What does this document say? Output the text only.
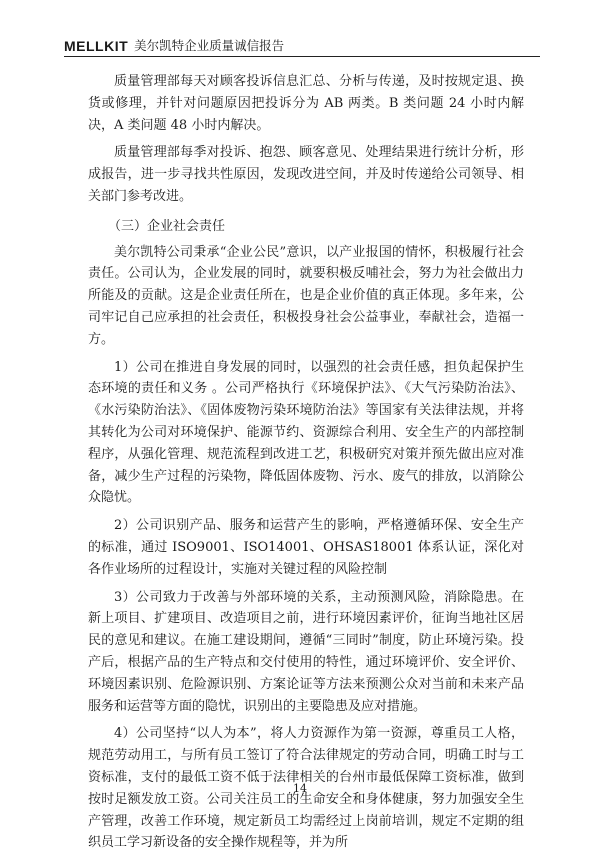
MELLKIT 美尔凯特企业质量诚信报告

质量管理部每天对顾客投诉信息汇总、分析与传递，及时按规定退、换货或修理，并针对问题原因把投诉分为 AB 两类。B 类问题 24 小时内解决，A 类问题 48 小时内解决。

质量管理部每季对投诉、抱怨、顾客意见、处理结果进行统计分析，形成报告，进一步寻找共性原因，发现改进空间，并及时传递给公司领导、相关部门参考改进。

（三）企业社会责任

美尔凯特公司秉承“企业公民”意识，以产业报国的情怀，积极履行社会责任。公司认为，企业发展的同时，就要积极反哺社会，努力为社会做出力所能及的贡献。这是企业责任所在，也是企业价值的真正体现。多年来，公司牢记自己应承担的社会责任，积极投身社会公益事业，奉献社会，造福一方。

1）公司在推进自身发展的同时，以强烈的社会责任感，担负起保护生态环境的责任和义务 。公司严格执行《环境保护法》、《大气污染防治法》、《水污染防治法》、《固体废物污染环境防治法》等国家有关法律法规，并将其转化为公司对环境保护、能源节约、资源综合利用、安全生产的内部控制程序，从强化管理、规范流程到改进工艺，积极研究对策并预先做出应对准备，减少生产过程的污染物，降低固体废物、污水、废气的排放，以消除公众隐忧。

2）公司识别产品、服务和运营产生的影响，严格遵循环保、安全生产的标准，通过 ISO9001、ISO14001、OHSAS18001 体系认证，深化对各作业场所的过程设计，实施对关键过程的风险控制

3）公司致力于改善与外部环境的关系，主动预测风险，消除隐患。在新上项目、扩建项目、改造项目之前，进行环境因素评价，征询当地社区居民的意见和建议。在施工建设期间，遵循“三同时”制度，防止环境污染。投产后，根据产品的生产特点和交付使用的特性，通过环境评价、安全评价、环境因素识别、危险源识别、方案论证等方法来预测公众对当前和未来产品服务和运营等方面的隐忧，识别出的主要隐患及应对措施。

4）公司坚持“以人为本”，将人力资源作为第一资源，尊重员工人格，规范劳动用工，与所有员工签订了符合法律规定的劳动合同，明确工时与工资标准，支付的最低工资不低于法律相关的台州市最低保障工资标准，做到按时足额发放工资。公司关注员工的生命安全和身体健康，努力加强安全生产管理，改善工作环境，规定新员工均需经过上岗前培训，规定不定期的组织员工学习新设备的安全操作规程等，并为所

14
